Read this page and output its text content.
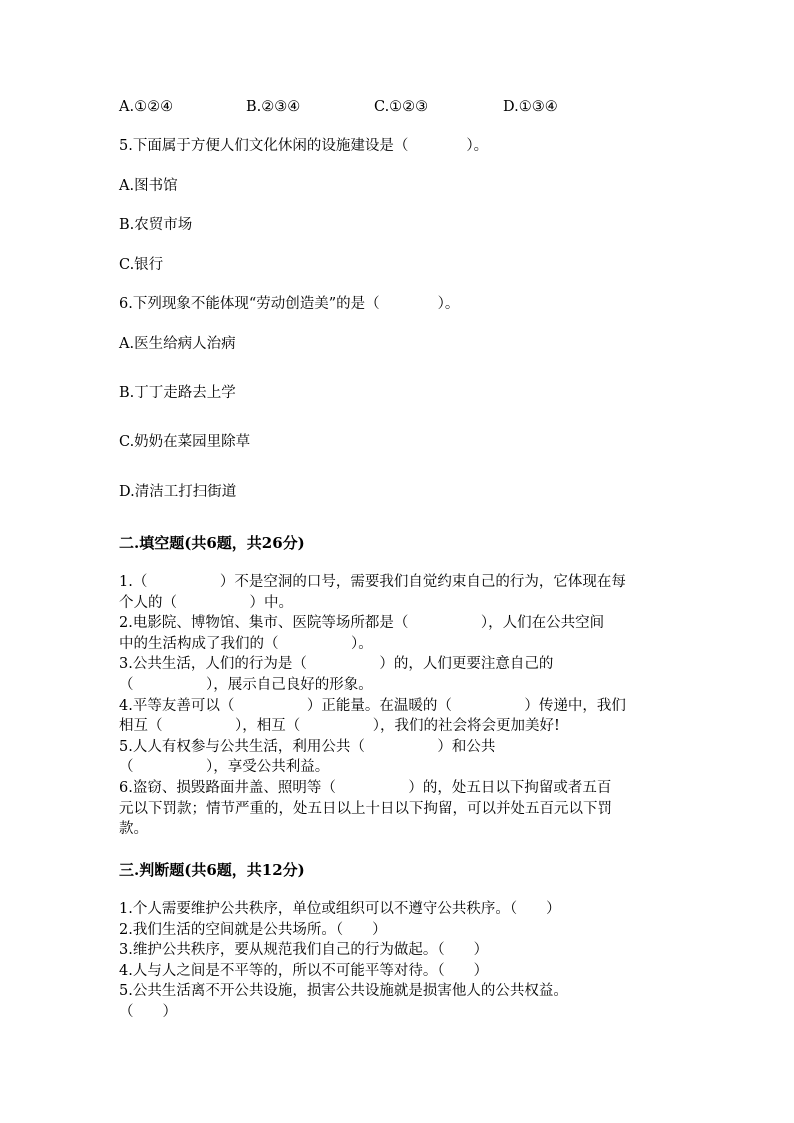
A.①②④	B.②③④	C.①②③	D.①③④
5.下面属于方便人们文化休闲的设施建设是（　　　　）。
A.图书馆
B.农贸市场
C.银行
6.下列现象不能体现“劳动创造美”的是（　　　　）。
A.医生给病人治病
B.丁丁走路去上学
C.奶奶在菜园里除草
D.清洁工打扫街道
二.填空题(共6题，共26分)

1.（　　　　　）不是空洞的口号，需要我们自觉约束自己的行为，它体现在每

个人的（　　　　　）中。

2.电影院、博物馆、集市、医院等场所都是（　　　　　），人们在公共空间

中的生活构成了我们的（　　　　　）。

3.公共生活，人们的行为是（　　　　　）的，人们更要注意自己的

（　　　　　），展示自己良好的形象。

4.平等友善可以（　　　　　）正能量。在温暖的（　　　　　）传递中，我们

相互（　　　　　），相互（　　　　　），我们的社会将会更加美好!

5.人人有权参与公共生活，利用公共（　　　　　）和公共

（　　　　　），享受公共利益。

6.盗窃、损毁路面井盖、照明等（　　　　　）的，处五日以下拘留或者五百

元以下罚款；情节严重的，处五日以上十日以下拘留，可以并处五百元以下罚

款。

三.判断题(共6题，共12分)

1.个人需要维护公共秩序，单位或组织可以不遵守公共秩序。（　　）

2.我们生活的空间就是公共场所。（　　）

3.维护公共秩序，要从规范我们自己的行为做起。（　　）

4.人与人之间是不平等的，所以不可能平等对待。（　　）

5.公共生活离不开公共设施，损害公共设施就是损害他人的公共权益。

（　　）
